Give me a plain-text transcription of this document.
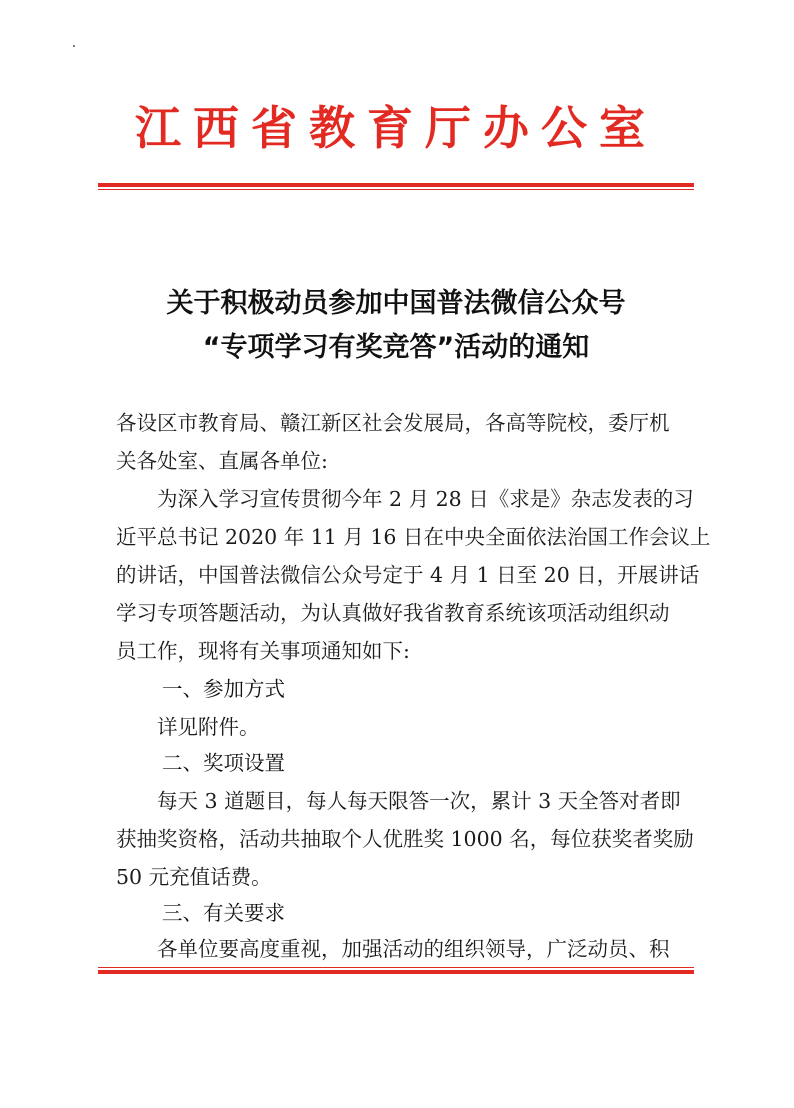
江西省教育厅办公室
关于积极动员参加中国普法微信公众号
“专项学习有奖竞答”活动的通知
各设区市教育局、赣江新区社会发展局，各高等院校，委厅机
关各处室、直属各单位:
　　为深入学习宣传贯彻今年 2 月 28 日《求是》杂志发表的习
近平总书记 2020 年 11 月 16 日在中央全面依法治国工作会议上
的讲话，中国普法微信公众号定于 4 月 1 日至 20 日，开展讲话
学习专项答题活动，为认真做好我省教育系统该项活动组织动
员工作，现将有关事项通知如下:
一、参加方式
　　详见附件。
二、奖项设置
　　每天 3 道题目，每人每天限答一次，累计 3 天全答对者即
获抽奖资格，活动共抽取个人优胜奖 1000 名，每位获奖者奖励
50 元充值话费。
三、有关要求
　　各单位要高度重视，加强活动的组织领导，广泛动员、积
